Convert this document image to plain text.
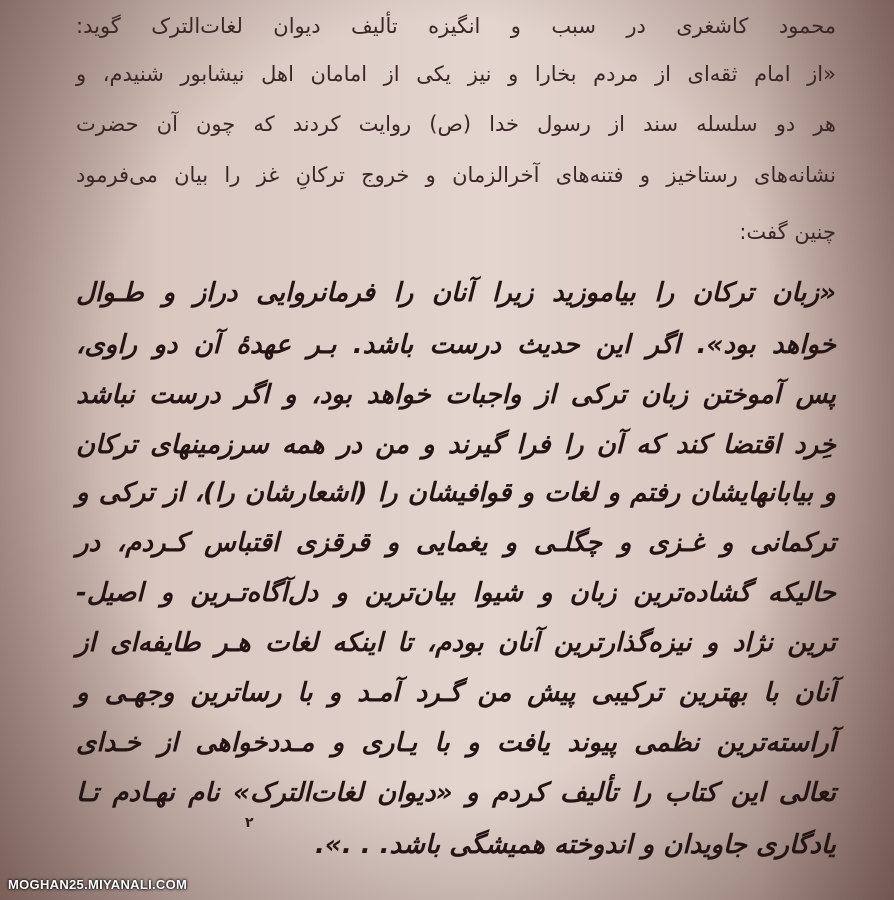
محمود کاشغری در سبب و انگیزه تألیف دیوان لغات‌الترک گوید:
«از امام ثقه‌ای از مردم بخارا و نیز یکی از امامان اهل نیشابور شنیدم، و
هر دو سلسله سند از رسول خدا (ص) روایت کردند که چون آن حضرت
نشانه‌های رستاخیز و فتنه‌های آخرالزمان و خروج ترکانِ غز را بیان می‌فرمود
چنین گفت:
«زبان ترکان را بیاموزید زیرا آنان را فرمانروایی دراز و طـوال
خواهد بود». اگر این حدیث درست باشد. بـر عهدهٔ آن دو راوی،
پس آموختن زبان ترکی از واجبات خواهد بود، و اگر درست نباشد
خِرد اقتضا کند که آن را فرا گیرند و من در همه سرزمینهای ترکان
و بیابانهایشان رفتم و لغات و قوافیشان را (اشعارشان را)، از ترکی و
ترکمانی و غـزی و چگلـی و یغمایی و قرقزی اقتباس کـردم، در
حالیکه گشاده‌ترین زبان و شیوا بیان‌ترین و دل‌آگاه‌تـرین و اصیل-
ترین نژاد و نیزه‌گذارترین آنان بودم، تا اینکه لغات هـر طایفه‌ای از
آنان با بهترین ترکیبی پیش من گـرد آمـد و با رساترین وجهـی و
آراسته‌ترین نظمی پیوند یافت و با یـاری و مـددخواهی از خـدای
تعالی این کتاب را تألیف کردم و «دیوان لغات‌الترک» نام نهـادم تـا
یادگاری جاویدان و اندوخته همیشگی باشد. . .».
۲
MOGHAN25.MIYANALI.COM
